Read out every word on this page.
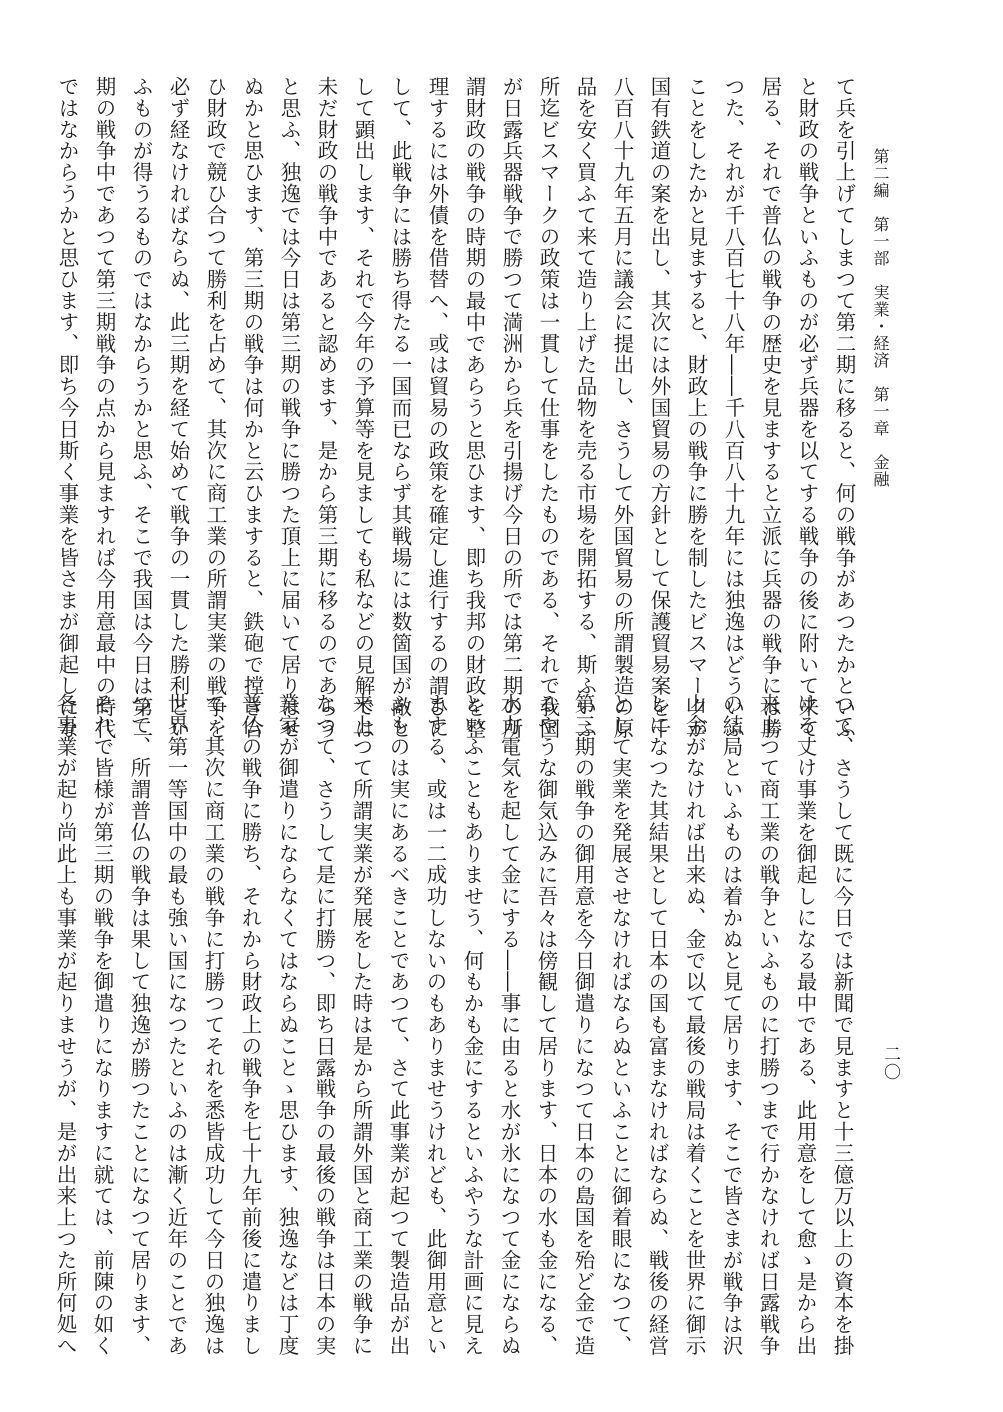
第二編　第一部　実業・経済　第一章　金融
二〇
て兵を引上げてしまつて第二期に移ると、何の戦争があつたかといふ
と財政の戦争といふものが必ず兵器を以てする戦争の後に附いて来て
居る、それで普仏の戦争の歴史を見ますると立派に兵器の戦争には勝
つた、それが千八百七十八年――千八百八十九年には独逸はどういふ
ことをしたかと見ますると、財政上の戦争に勝を制したビスマークが
国有鉄道の案を出し、其次には外国貿易の方針として保護貿易案を千
八百八十九年五月に議会に提出し、さうして外国貿易の所謂製造の原
品を安く買ふて来て造り上げた品物を売る市場を開拓する、斯ふいふ
所迄ビスマークの政策は一貫して仕事をしたものである、それで我国
が日露兵器戦争で勝つて満洲から兵を引揚げ今日の所では第二期の所
謂財政の戦争の時期の最中であらうと思ひます、即ち我邦の財政を整
理するには外債を借替へ、或は貿易の政策を確定し進行するの謂ひに
して、此戦争には勝ち得たる一国而已ならず其戦場には数箇国が敵と
して顕出します、それで今年の予算等を見ましても私などの見解では
未だ財政の戦争中であると認めます、是から第三期に移るのであらう
と思ふ、独逸では今日は第三期の戦争に勝つた頂上に届いて居りはせ
ぬかと思ひます、第三期の戦争は何かと云ひますると、鉄砲で摚き合
ひ財政で競ひ合つて勝利を占めて、其次に商工業の所謂実業の戦争を
必ず経なければならぬ、此三期を経て始めて戦争の一貫した勝利とい
ふものが得うるものではなからうかと思ふ、そこで我国は今日は第二
期の戦争中であつて第三期戦争の点から見ますれば今用意最中の時代
ではなからうかと思ひます、即ち今日斯く事業を皆さまが御起しにな
つて、さうして既に今日では新聞で見ますと十三億万以上の資本を掛
ける丈け事業を御起しになる最中である、此用意をして愈ゝ是から出
来上つて商工業の戦争といふものに打勝つまで行かなければ日露戦争
の結局といふものは着かぬと見て居ります、そこで皆さまが戦争は沢
山金がなければ出来ぬ、金で以て最後の戦局は着くことを世界に御示
しになつた其結果として日本の国も富まなければならぬ、戦後の経営
として実業を発展させなければならぬといふことに御着眼になつて、
第三期の戦争の御用意を今日御遣りになつて日本の島国を殆ど金で造
るやうな御気込みに吾々は傍観して居ります、日本の水も金になる、
水力電気を起して金にする――事に由ると水が氷になつて金にならぬ
といふこともありませう、何もかも金にするといふやうな計画に見え
まする、或は一二成功しないのもありませうけれども、此御用意とい
ふものは実にあるべきことであつて、さて此事業が起つて製造品が出
来上つて所謂実業が発展をした時は是から所謂外国と商工業の戦争に
なつて、さうして是に打勝つ、即ち日露戦争の最後の戦争は日本の実
業家が御遣りにならなくてはならぬことゝ思ひます、独逸などは丁度
普仏の戦争に勝ち、それから財政上の戦争を七十九年前後に遣りまし
て、其次に商工業の戦争に打勝つてそれを悉皆成功して今日の独逸は
世界第一等国中の最も強い国になつたといふのは漸く近年のことであ
つて、所謂普仏の戦争は果して独逸が勝つたことになつて居ります、
それで皆様が第三期の戦争を御遣りになりますに就ては、前陳の如く
各事業が起り尚此上も事業が起りませうが、是が出来上つた所何処へ
